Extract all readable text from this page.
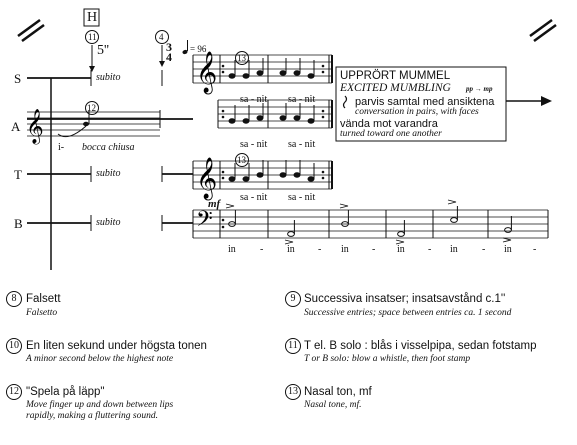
𝄞
𝄞
𝄞
𝄢
H
11
5''
4
3
4
= 96
S
A
T
B
subito
subito
subito
12
i- bocca chiusa
13
13
sa - nit sa - nit
sa - nit sa - nit
sa - nit sa - nit
mf
in - in - in - in - in - in -
UPPRÖRT MUMMEL
EXCITED MUMBLING pp → mp
parvis samtal med ansiktena
conversation in pairs, with faces
vända mot varandra
turned toward one another
8 Falsett
Falsetto
9 Successiva insatser; insatsavstånd c.1''
Successive entries; space between entries ca. 1 second
10 En liten sekund under högsta tonen
A minor second below the highest note
11 T el. B solo : blås i visselpipa, sedan fotstamp
T or B solo: blow a whistle, then foot stamp
12 "Spela på läpp"
Move finger up and down between lips
rapidly, making a fluttering sound.
13 Nasal ton, mf
Nasal tone, mf.
